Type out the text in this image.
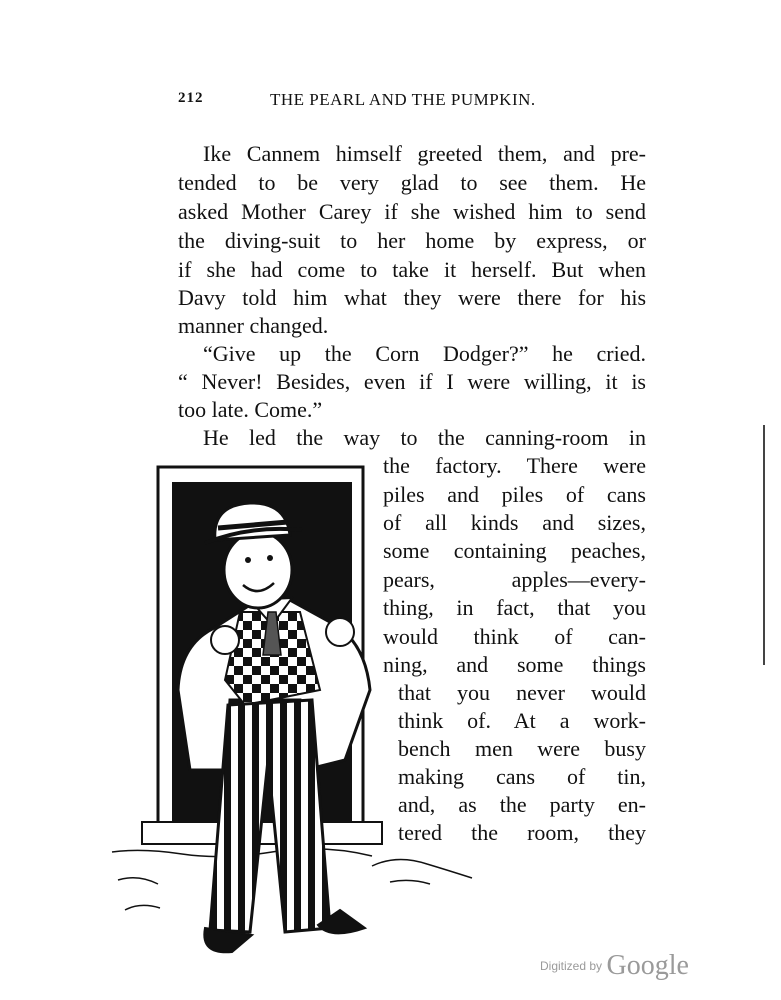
212	THE PEARL AND THE PUMPKIN.
Ike Cannem himself greeted them, and pre-
tended to be very glad to see them. He
asked Mother Carey if she wished him to send
the diving-suit to her home by express, or
if she had come to take it herself. But when
Davy told him what they were there for his
manner changed.
“Give up the Corn Dodger?” he cried.
“ Never! Besides, even if I were willing, it is
too late. Come.”
He led the way to the canning-room in
the factory. There were
piles and piles of cans
of all kinds and sizes,
some containing peaches,
pears, apples—every-
thing, in fact, that you
would think of can-
ning, and some things
that you never would
think of. At a work-
bench men were busy
making cans of tin,
and, as the party en-
tered the room, they
Digitized by Google
